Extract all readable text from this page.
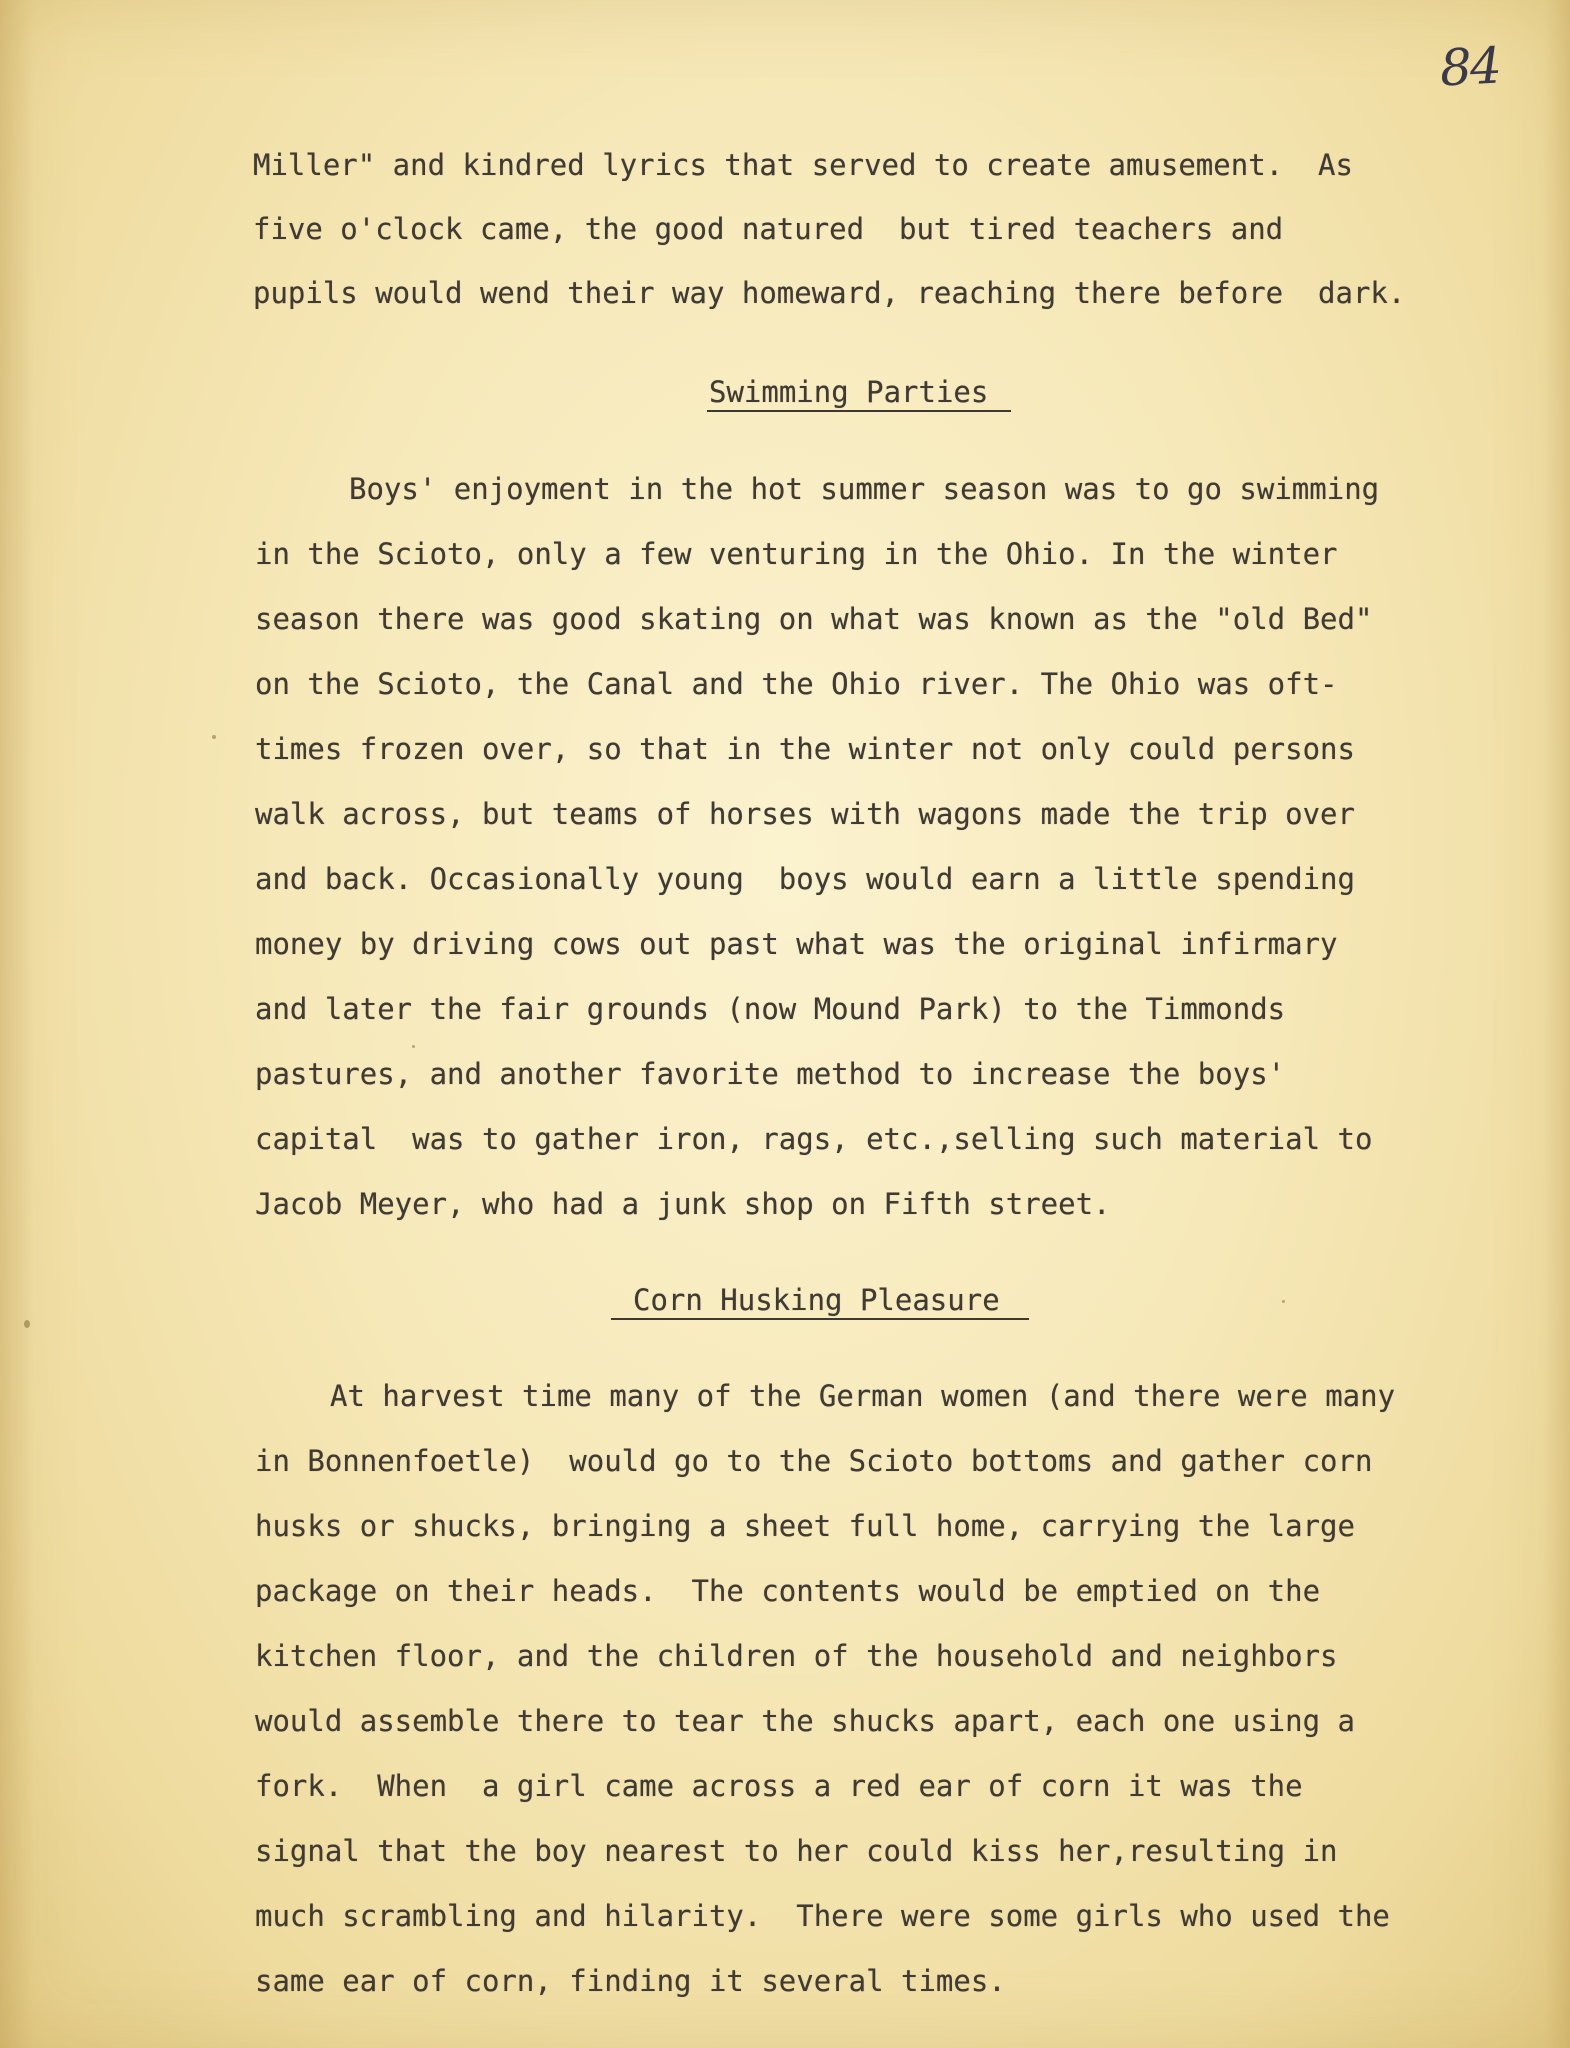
84
Miller" and kindred lyrics that served to create amusement.  As
five o'clock came, the good natured  but tired teachers and
pupils would wend their way homeward, reaching there before  dark.
Swimming Parties
Boys' enjoyment in the hot summer season was to go swimming
in the Scioto, only a few venturing in the Ohio. In the winter
season there was good skating on what was known as the "old Bed"
on the Scioto, the Canal and the Ohio river. The Ohio was oft-
times frozen over, so that in the winter not only could persons
walk across, but teams of horses with wagons made the trip over
and back. Occasionally young  boys would earn a little spending
money by driving cows out past what was the original infirmary
and later the fair grounds (now Mound Park) to the Timmonds
pastures, and another favorite method to increase the boys'
capital  was to gather iron, rags, etc.,selling such material to
Jacob Meyer, who had a junk shop on Fifth street.
Corn Husking Pleasure
At harvest time many of the German women (and there were many
in Bonnenfoetle)  would go to the Scioto bottoms and gather corn
husks or shucks, bringing a sheet full home, carrying the large
package on their heads.  The contents would be emptied on the
kitchen floor, and the children of the household and neighbors
would assemble there to tear the shucks apart, each one using a
fork.  When  a girl came across a red ear of corn it was the
signal that the boy nearest to her could kiss her,resulting in
much scrambling and hilarity.  There were some girls who used the
same ear of corn, finding it several times.
